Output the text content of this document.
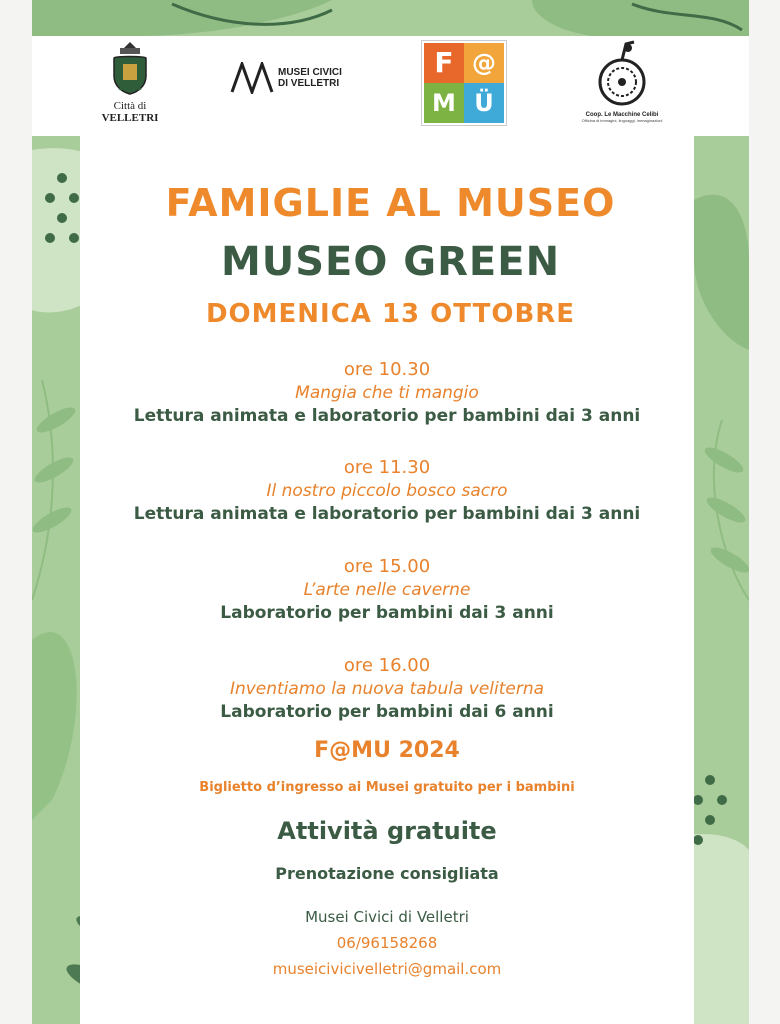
Città di
VELLETRI
MUSEI CIVICI
DI VELLETRI
F @
M Ü	Coop. Le Macchine Celibi
Officina di immagini, linguaggi, immaginazioni
FAMIGLIE AL MUSEO
MUSEO GREEN
DOMENICA 13 OTTOBRE
ore 10.30
Mangia che ti mangio
Lettura animata e laboratorio per bambini dai 3 anni
ore 11.30
Il nostro piccolo bosco sacro
Lettura animata e laboratorio per bambini dai 3 anni
ore 15.00
L’arte nelle caverne
Laboratorio per bambini dai 3 anni
ore 16.00
Inventiamo la nuova tabula veliterna
Laboratorio per bambini dai 6 anni
F@MU 2024
Biglietto d’ingresso ai Musei gratuito per i bambini
Attività gratuite
Prenotazione consigliata
Musei Civici di Velletri
06/96158268
museicivicivelletri@gmail.com
